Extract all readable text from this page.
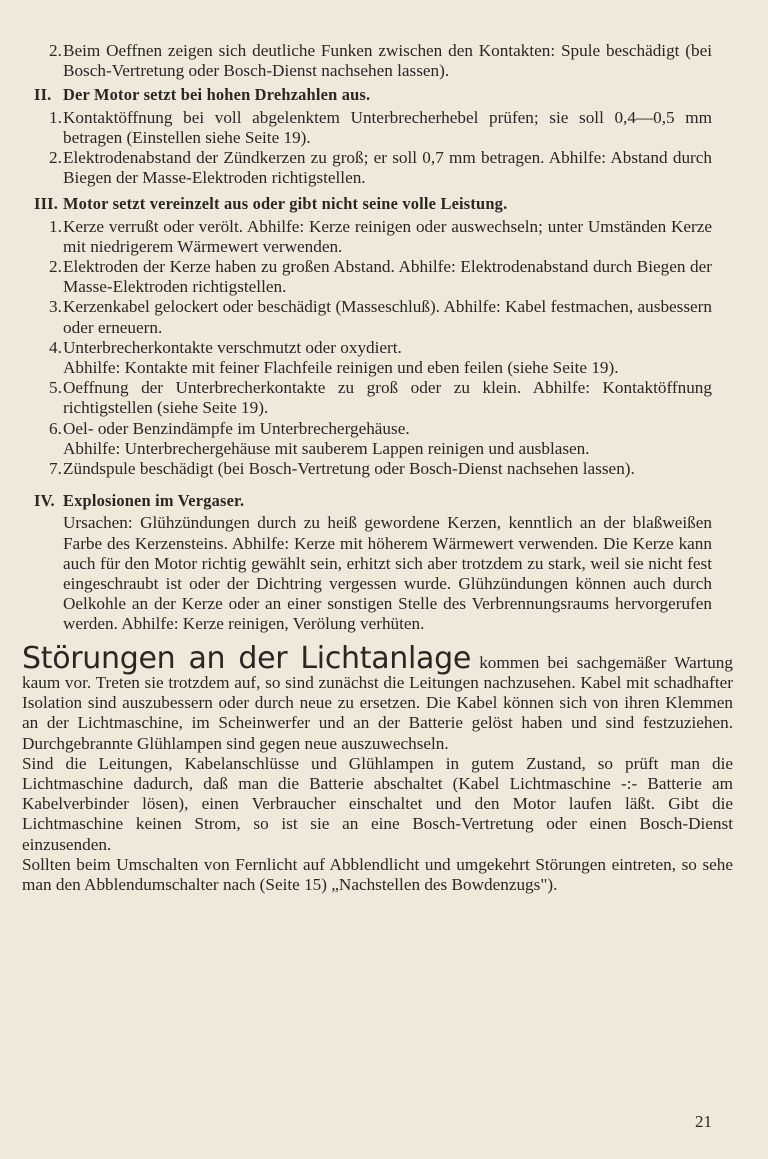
2. Beim Oeffnen zeigen sich deutliche Funken zwischen den Kontakten: Spule beschädigt (bei Bosch-Vertretung oder Bosch-Dienst nachsehen lassen).

II. Der Motor setzt bei hohen Drehzahlen aus.
1. Kontaktöffnung bei voll abgelenktem Unterbrecherhebel prüfen; sie soll 0,4—0,5 mm betragen (Einstellen siehe Seite 19).

2. Elektrodenabstand der Zündkerzen zu groß; er soll 0,7 mm betragen. Abhilfe: Abstand durch Biegen der Masse-Elektroden richtigstellen.

III. Motor setzt vereinzelt aus oder gibt nicht seine volle Leistung.
1. Kerze verrußt oder verölt. Abhilfe: Kerze reinigen oder auswechseln; unter Umständen Kerze mit niedrigerem Wärmewert verwenden.

2. Elektroden der Kerze haben zu großen Abstand. Abhilfe: Elektrodenabstand durch Biegen der Masse-Elektroden richtigstellen.

3. Kerzenkabel gelockert oder beschädigt (Masseschluß). Abhilfe: Kabel festmachen, ausbessern oder erneuern.

4. Unterbrecherkontakte verschmutzt oder oxydiert.

Abhilfe: Kontakte mit feiner Flachfeile reinigen und eben feilen (siehe Seite 19).

5. Oeffnung der Unterbrecherkontakte zu groß oder zu klein. Abhilfe: Kontaktöffnung richtigstellen (siehe Seite 19).

6. Oel- oder Benzindämpfe im Unterbrechergehäuse.

Abhilfe: Unterbrechergehäuse mit sauberem Lappen reinigen und ausblasen.

7. Zündspule beschädigt (bei Bosch-Vertretung oder Bosch-Dienst nachsehen lassen).

IV. Explosionen im Vergaser.

Ursachen: Glühzündungen durch zu heiß gewordene Kerzen, kenntlich an der blaßweißen Farbe des Kerzensteins. Abhilfe: Kerze mit höherem Wärmewert verwenden. Die Kerze kann auch für den Motor richtig gewählt sein, erhitzt sich aber trotzdem zu stark, weil sie nicht fest eingeschraubt ist oder der Dichtring vergessen wurde. Glühzündungen können auch durch Oelkohle an der Kerze oder an einer sonstigen Stelle des Verbrennungsraums hervorgerufen werden. Abhilfe: Kerze reinigen, Verölung verhüten.

Störungen an der Lichtanlage kommen bei sachgemäßer Wartung kaum vor. Treten sie trotzdem auf, so sind zunächst die Leitungen nachzusehen. Kabel mit schadhafter Isolation sind auszubessern oder durch neue zu ersetzen. Die Kabel können sich von ihren Klemmen an der Lichtmaschine, im Scheinwerfer und an der Batterie gelöst haben und sind festzuziehen. Durchgebrannte Glühlampen sind gegen neue auszuwechseln.

Sind die Leitungen, Kabelanschlüsse und Glühlampen in gutem Zustand, so prüft man die Lichtmaschine dadurch, daß man die Batterie abschaltet (Kabel Lichtmaschine -:- Batterie am Kabelverbinder lösen), einen Verbraucher einschaltet und den Motor laufen läßt. Gibt die Lichtmaschine keinen Strom, so ist sie an eine Bosch-Vertretung oder einen Bosch-Dienst einzusenden.

Sollten beim Umschalten von Fernlicht auf Abblendlicht und umgekehrt Störungen eintreten, so sehe man den Abblendumschalter nach (Seite 15) „Nachstellen des Bowdenzugs").

21
